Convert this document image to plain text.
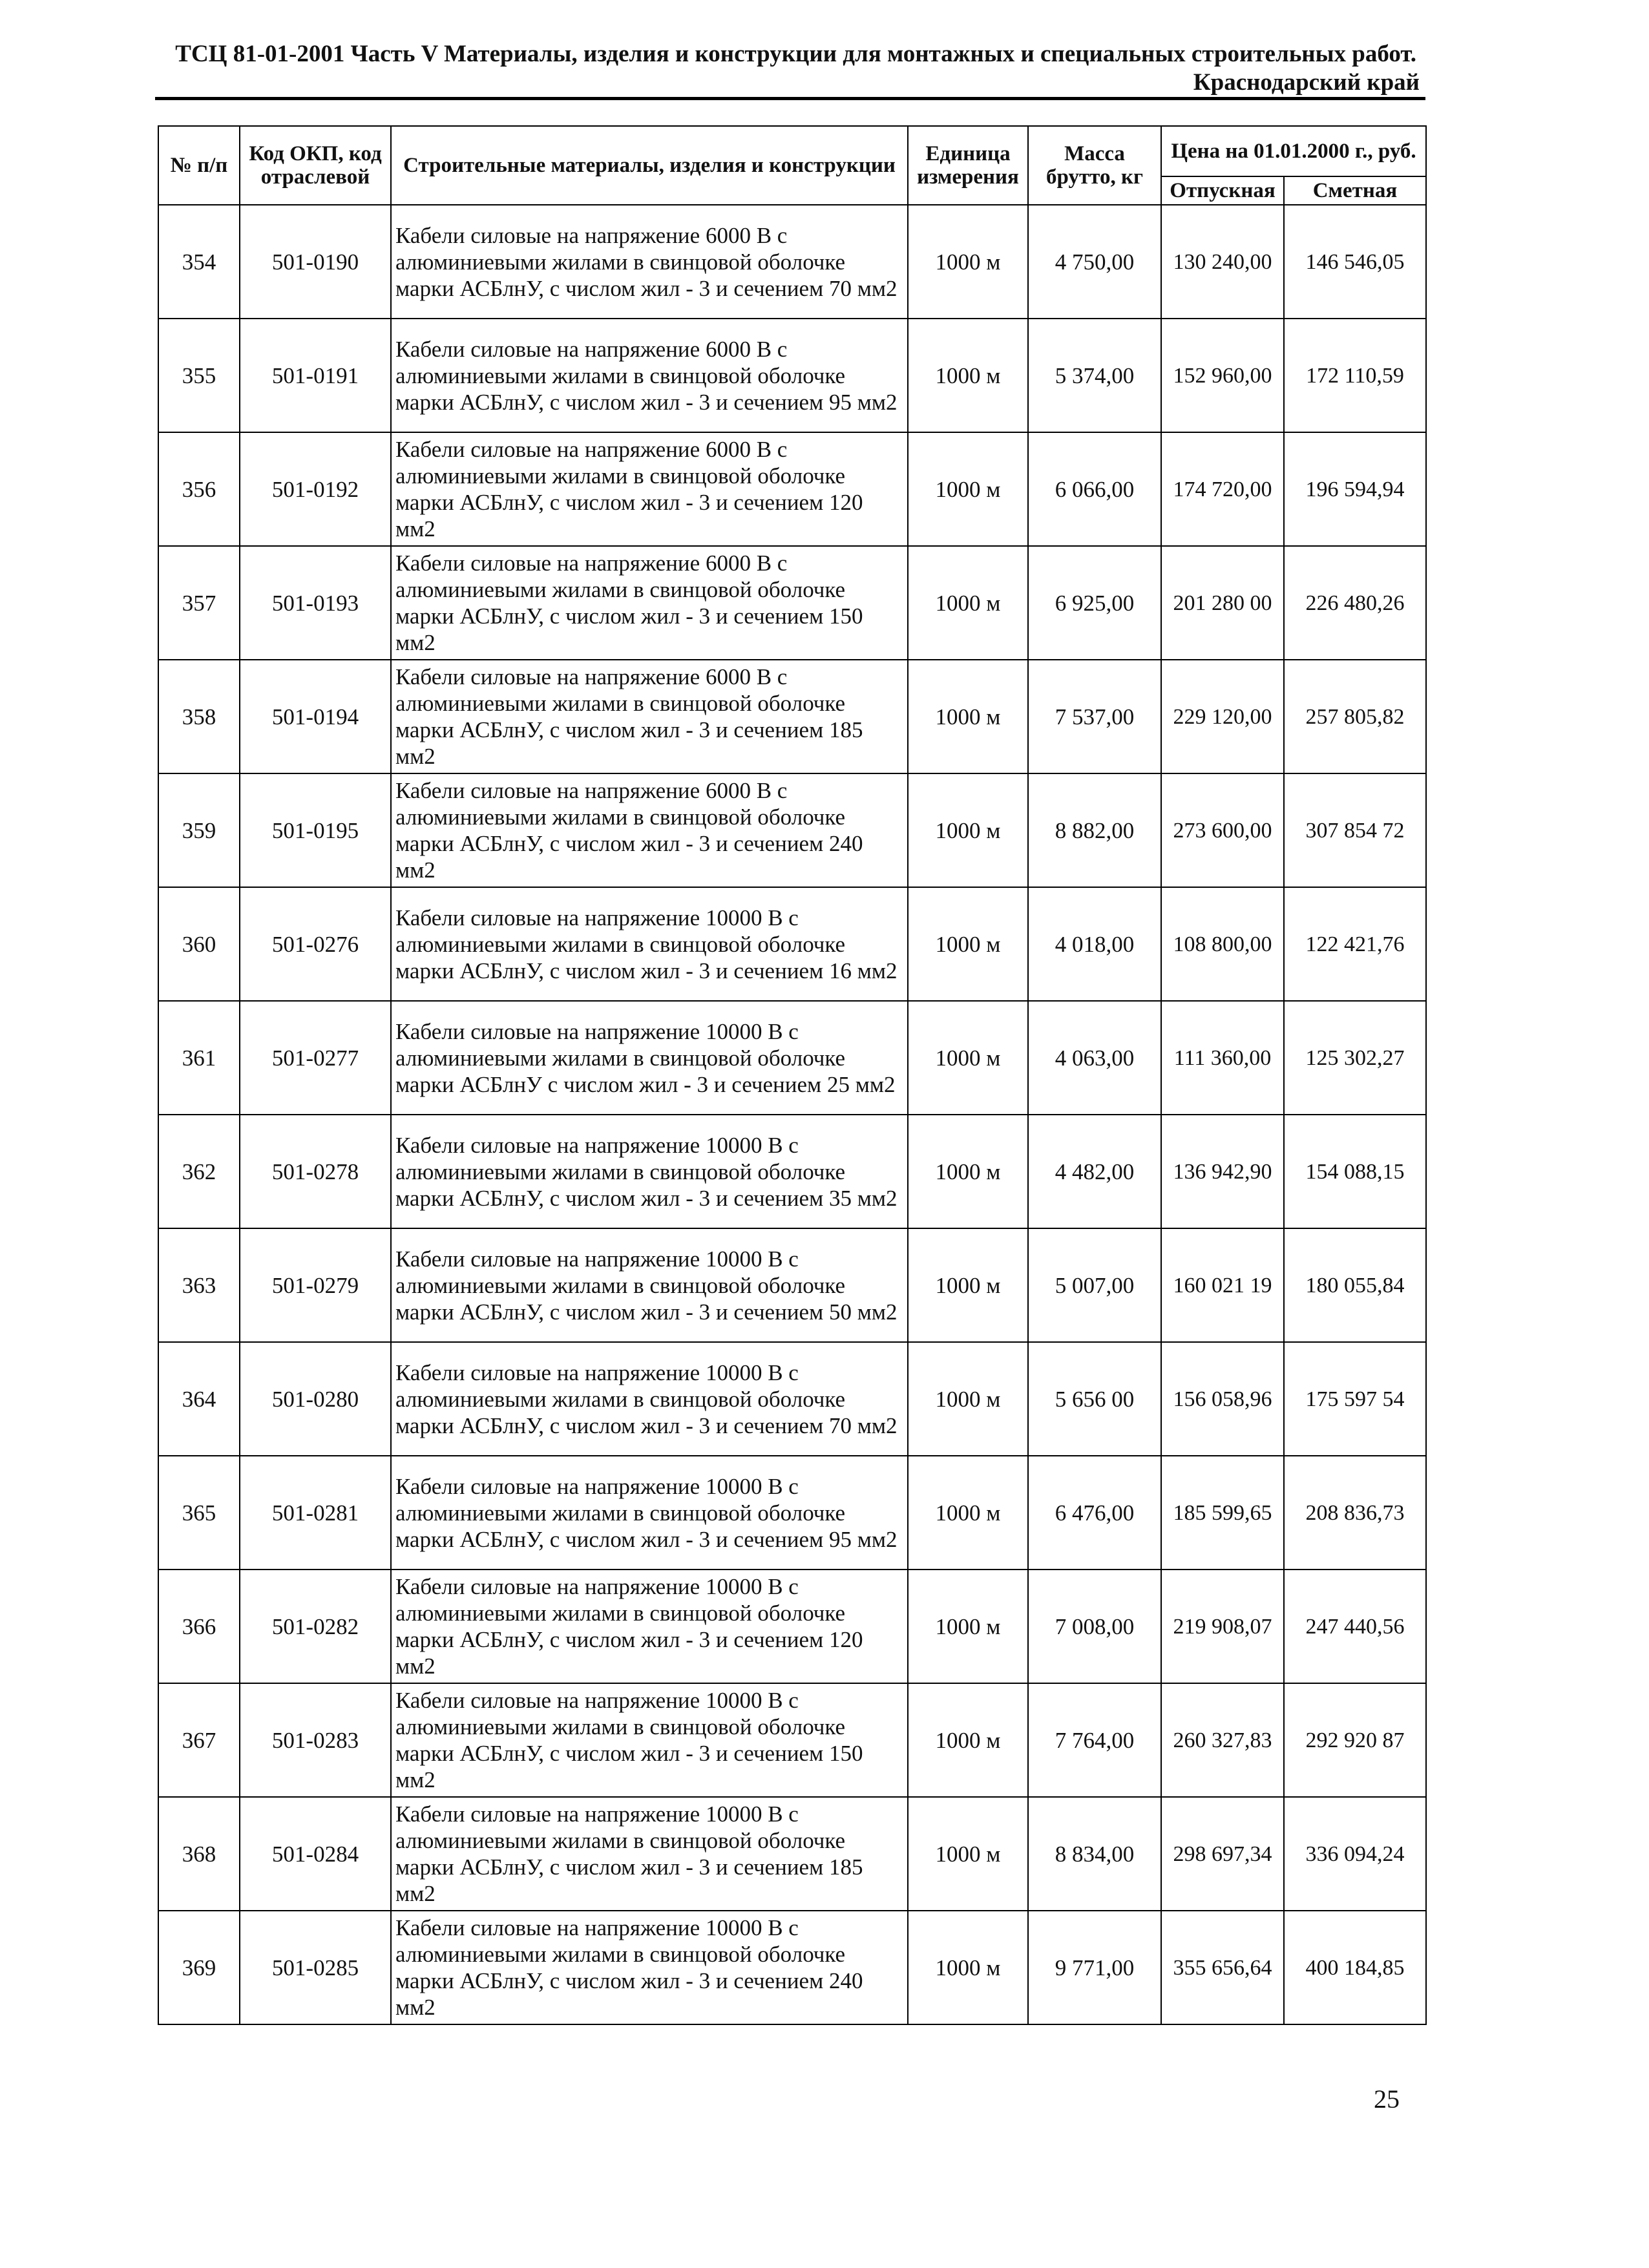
ТСЦ 81-01-2001 Часть V Материалы, изделия и конструкции для монтажных и специальных строительных работ.
Краснодарский край
№ п/п	Код ОКП, код отраслевой	Строительные материалы, изделия и конструкции	Единица измерения	Масса брутто, кг	Цена на 01.01.2000 г., руб.	
					Отпускная	Сметная
354	501-0190	Кабели силовые на напряжение 6000 В с алюминиевыми жилами в свинцовой оболочке марки АСБлнУ, с числом жил - 3 и сечением 70 мм2	1000 м	4 750,00	130 240,00	146 546,05
355	501-0191	Кабели силовые на напряжение 6000 В с алюминиевыми жилами в свинцовой оболочке марки АСБлнУ, с числом жил - 3 и сечением 95 мм2	1000 м	5 374,00	152 960,00	172 110,59
356	501-0192	Кабели силовые на напряжение 6000 В с алюминиевыми жилами в свинцовой оболочке марки АСБлнУ, с числом жил - 3 и сечением 120 мм2	1000 м	6 066,00	174 720,00	196 594,94
357	501-0193	Кабели силовые на напряжение 6000 В с алюминиевыми жилами в свинцовой оболочке марки АСБлнУ, с числом жил - 3 и сечением 150 мм2	1000 м	6 925,00	201 280 00	226 480,26
358	501-0194	Кабели силовые на напряжение 6000 В с алюминиевыми жилами в свинцовой оболочке марки АСБлнУ, с числом жил - 3 и сечением 185 мм2	1000 м	7 537,00	229 120,00	257 805,82
359	501-0195	Кабели силовые на напряжение 6000 В с алюминиевыми жилами в свинцовой оболочке марки АСБлнУ, с числом жил - 3 и сечением 240 мм2	1000 м	8 882,00	273 600,00	307 854 72
360	501-0276	Кабели силовые на напряжение 10000 В с алюминиевыми жилами в свинцовой оболочке марки АСБлнУ, с числом жил - 3 и сечением 16 мм2	1000 м	4 018,00	108 800,00	122 421,76
361	501-0277	Кабели силовые на напряжение 10000 В с алюминиевыми жилами в свинцовой оболочке марки АСБлнУ с числом жил - 3 и сечением 25 мм2	1000 м	4 063,00	111 360,00	125 302,27
362	501-0278	Кабели силовые на напряжение 10000 В с алюминиевыми жилами в свинцовой оболочке марки АСБлнУ, с числом жил - 3 и сечением 35 мм2	1000 м	4 482,00	136 942,90	154 088,15
363	501-0279	Кабели силовые на напряжение 10000 В с алюминиевыми жилами в свинцовой оболочке марки АСБлнУ, с числом жил - 3 и сечением 50 мм2	1000 м	5 007,00	160 021 19	180 055,84
364	501-0280	Кабели силовые на напряжение 10000 В с алюминиевыми жилами в свинцовой оболочке марки АСБлнУ, с числом жил - 3 и сечением 70 мм2	1000 м	5 656 00	156 058,96	175 597 54
365	501-0281	Кабели силовые на напряжение 10000 В с алюминиевыми жилами в свинцовой оболочке марки АСБлнУ, с числом жил - 3 и сечением 95 мм2	1000 м	6 476,00	185 599,65	208 836,73
366	501-0282	Кабели силовые на напряжение 10000 В с алюминиевыми жилами в свинцовой оболочке марки АСБлнУ, с числом жил - 3 и сечением 120 мм2	1000 м	7 008,00	219 908,07	247 440,56
367	501-0283	Кабели силовые на напряжение 10000 В с алюминиевыми жилами в свинцовой оболочке марки АСБлнУ, с числом жил - 3 и сечением 150 мм2	1000 м	7 764,00	260 327,83	292 920 87
368	501-0284	Кабели силовые на напряжение 10000 В с алюминиевыми жилами в свинцовой оболочке марки АСБлнУ, с числом жил - 3 и сечением 185 мм2	1000 м	8 834,00	298 697,34	336 094,24
369	501-0285	Кабели силовые на напряжение 10000 В с алюминиевыми жилами в свинцовой оболочке марки АСБлнУ, с числом жил - 3 и сечением 240 мм2	1000 м	9 771,00	355 656,64	400 184,85
25
